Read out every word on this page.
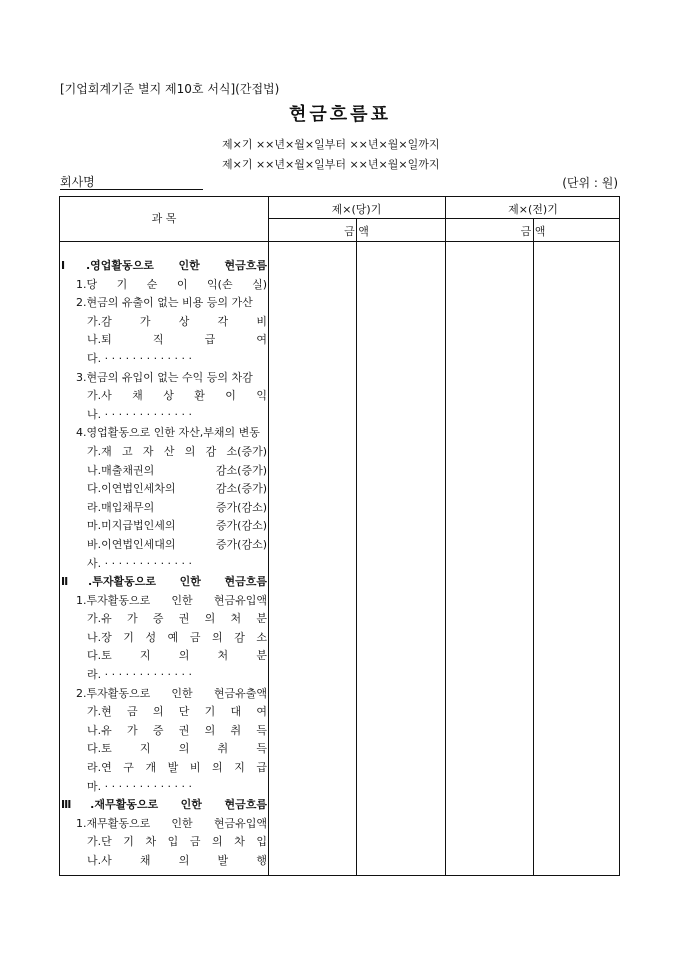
[기업회계기준 별지 제10호 서식](간접법)
현금흐름표
제×기 ××년×월×일부터 ××년×월×일까지
제×기 ××년×월×일부터 ××년×월×일까지
회사명	(단위 : 원)
과 목
제×(당)기	제×(전)기
금 액	금 액
Ⅰ.영업활동으로 인한 현금흐름
1.당 기 순 이 익(손 실)
2.현금의 유출이 없는 비용 등의 가산
가.감 가 상 각 비
나.퇴 직 급 여
다. · · · · · · · · · · · · ·
3.현금의 유입이 없는 수익 등의 차감
가.사 채 상 환 이 익
나. · · · · · · · · · · · · ·
4.영업활동으로 인한 자산,부채의 변동
가.재 고 자 산 의 감 소(증가)
나.매출채권의 감소(증가)
다.이연법인세차의 감소(증가)
라.매입채무의 증가(감소)
마.미지급법인세의 증가(감소)
바.이연법인세대의 증가(감소)
사. · · · · · · · · · · · · ·
Ⅱ.투자활동으로 인한 현금흐름
1.투자활동으로 인한 현금유입액
가.유 가 증 권 의 처 분
나.장 기 성 예 금 의 감 소
다.토 지 의 처 분
라. · · · · · · · · · · · · ·
2.투자활동으로 인한 현금유출액
가.현 금 의 단 기 대 여
나.유 가 증 권 의 취 득
다.토 지 의 취 득
라.연 구 개 발 비 의 지 급
마. · · · · · · · · · · · · ·
Ⅲ.재무활동으로 인한 현금흐름
1.재무활동으로 인한 현금유입액
가.단 기 차 입 금 의 차 입
나.사 채 의 발 행
